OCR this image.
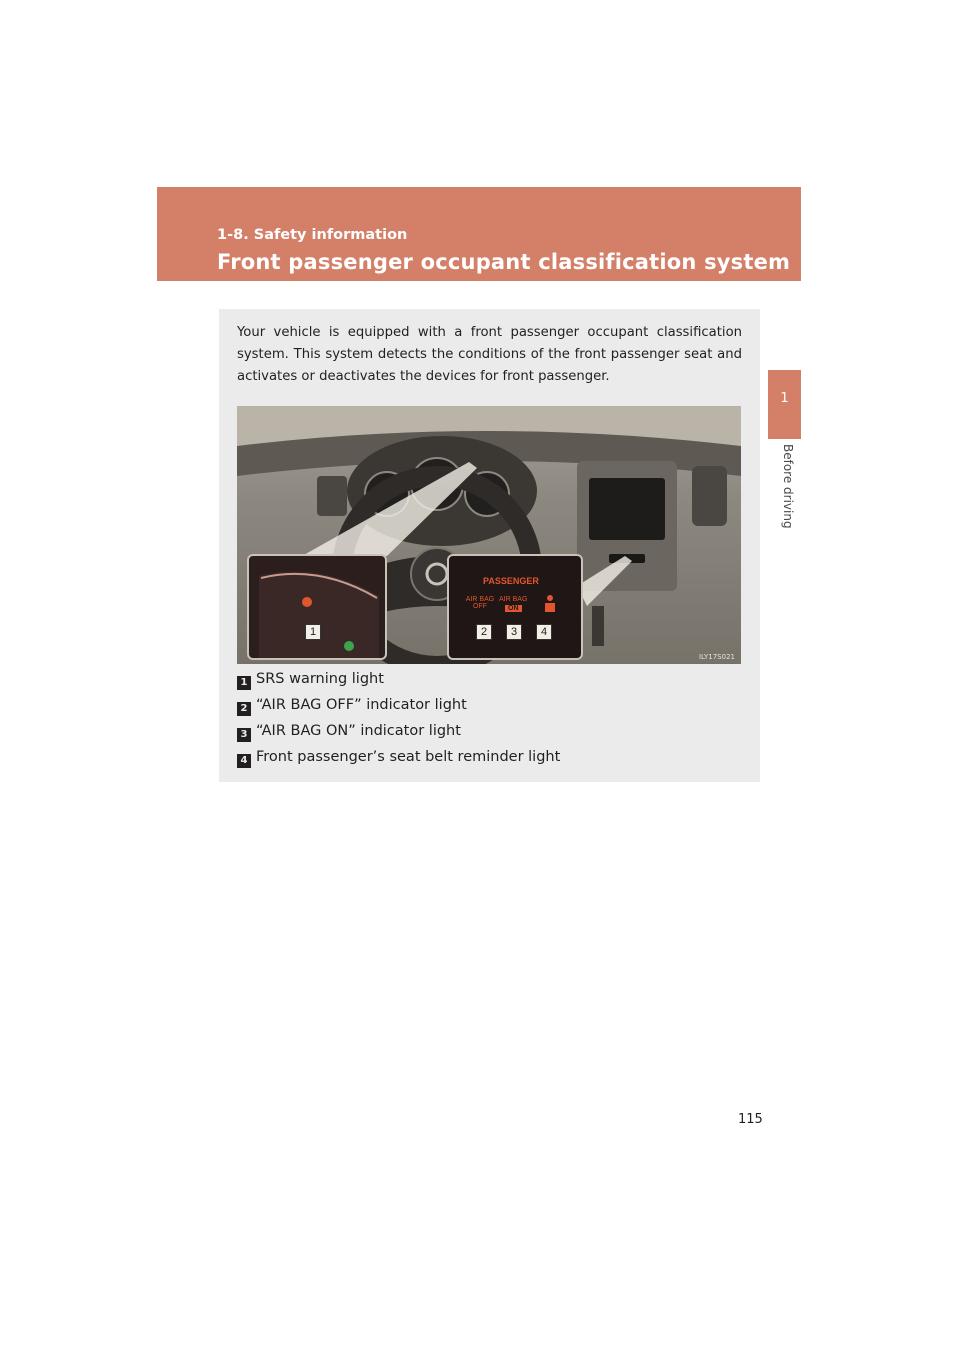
1-8. Safety information
Front passenger occupant classification system
1
Before driving
Your vehicle is equipped with a front passenger occupant classification system. This system detects the conditions of the front passenger seat and activates or deactivates the devices for front passenger.
1
PASSENGER
AIR BAG
OFF
AIR BAG
ON
2	3	4
ILY17S021
1 SRS warning light
2 “AIR BAG OFF” indicator light
3 “AIR BAG ON” indicator light
4 Front passenger’s seat belt reminder light
115
